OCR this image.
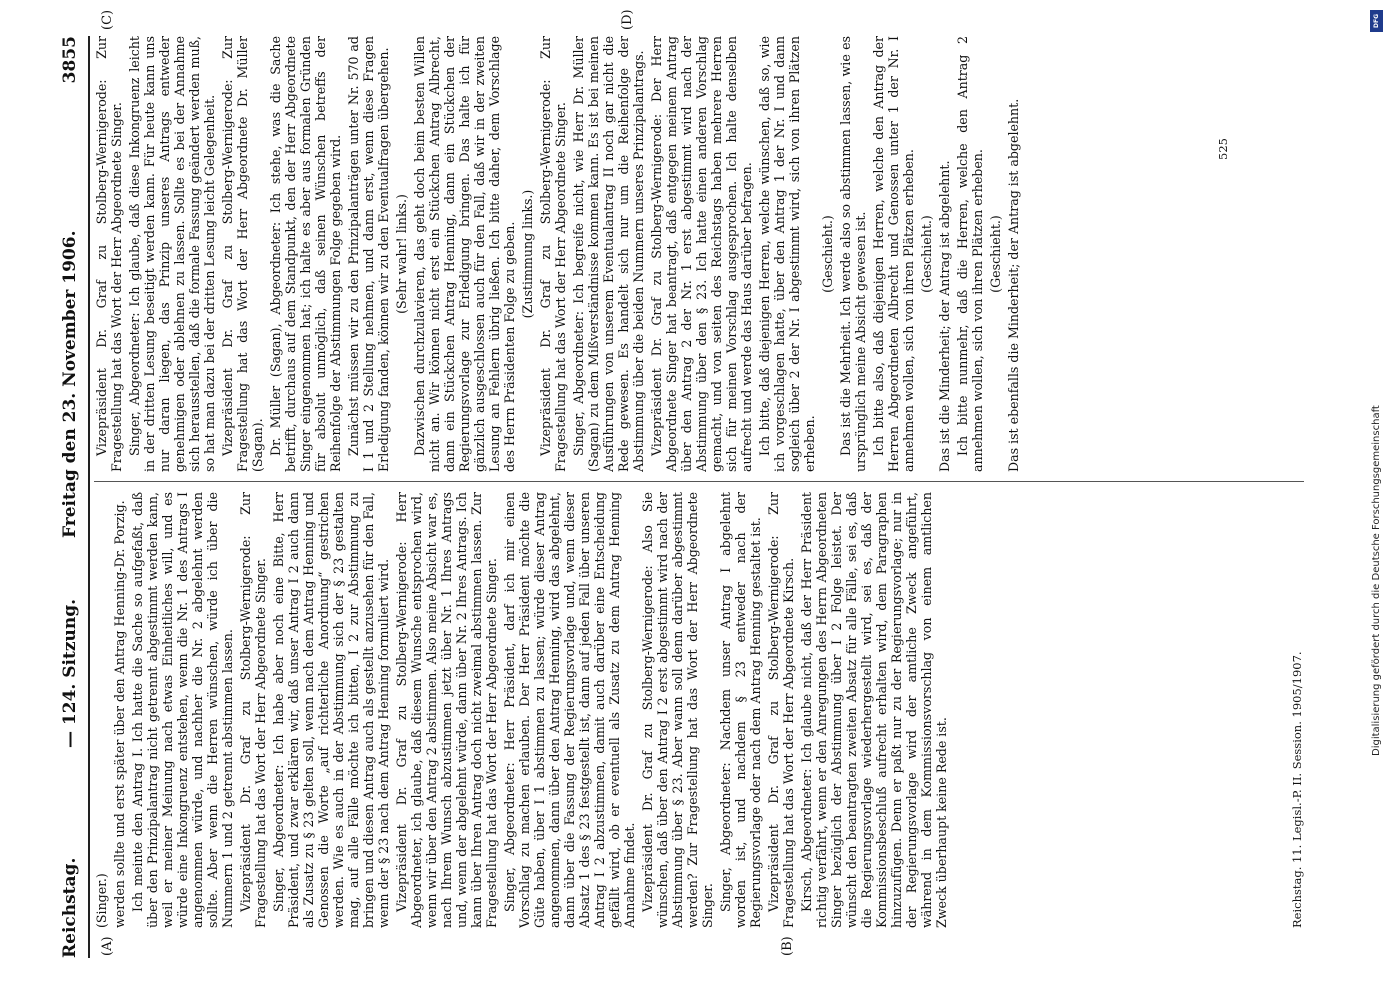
Reichstag.
— 124. Sitzung.
Freitag den 23. November 1906.
3855
(A)	(B)
(C)	(D)

(Singer.) werden sollte und erst später über den Antrag Henning-Dr. Porzig. Ich meinte den Antrag I. Ich hatte die Sache so aufgefaßt, daß über den Prinzipalantrag nicht getrennt abgestimmt werden kann, weil er meiner Meinung nach etwas Einheitliches will, und es würde eine Inkongruenz entstehen, wenn die Nr. 1 des Antrags I angenommen würde, und nachher die Nr. 2 abgelehnt werden sollte. Aber wenn die Herren wünschen, würde ich über die Nummern 1 und 2 getrennt abstimmen lassen. Vizepräsident Dr. Graf zu Stolberg-Wernigerode: Zur Fragestellung hat das Wort der Herr Abgeordnete Singer. Singer, Abgeordneter: Ich habe aber noch eine Bitte, Herr Präsident, und zwar erklären wir, daß unser Antrag I 2 auch dann als Zusatz zu § 23 gelten soll, wenn nach dem Antrag Henning und Genossen die Worte „auf richterliche Anordnung“ gestrichen werden. Wie es auch in der Abstimmung sich der § 23 gestalten mag, auf alle Fälle möchte ich bitten, I 2 zur Abstimmung zu bringen und diesen Antrag auch als gestellt anzusehen für den Fall, wenn der § 23 nach dem Antrag Henning formuliert wird. Vizepräsident Dr. Graf zu Stolberg-Wernigerode: Herr Abgeordneter, ich glaube, daß diesem Wunsche entsprochen wird, wenn wir über den Antrag 2 abstimmen. Also meine Absicht war es, nach Ihrem Wunsch abzustimmen jetzt über Nr. 1 Ihres Antrags und, wenn der abgelehnt würde, dann über Nr. 2 Ihres Antrags. Ich kann über Ihren Antrag doch nicht zweimal abstimmen lassen. Zur Fragestellung hat das Wort der Herr Abgeordnete Singer. Singer, Abgeordneter: Herr Präsident, darf ich mir einen Vorschlag zu machen erlauben. Der Herr Präsident möchte die Güte haben, über I 1 abstimmen zu lassen; würde dieser Antrag angenommen, dann über den Antrag Henning, wird das abgelehnt, dann über die Fassung der Regierungsvorlage und, wenn dieser Absatz 1 des § 23 festgestellt ist, dann auf jeden Fall über unseren Antrag I 2 abzustimmen, damit auch darüber eine Entscheidung gefällt wird, ob er eventuell als Zusatz zu dem Antrag Henning Annahme findet. Vizepräsident Dr. Graf zu Stolberg-Wernigerode: Also Sie wünschen, daß über den Antrag I 2 erst abgestimmt wird nach der Abstimmung über § 23. Aber wann soll denn darüber abgestimmt werden? Zur Fragestellung hat das Wort der Herr Abgeordnete Singer. Singer, Abgeordneter: Nachdem unser Antrag I abgelehnt worden ist, und nachdem § 23 entweder nach der Regierungsvorlage oder nach dem Antrag Henning gestaltet ist. Vizepräsident Dr. Graf zu Stolberg-Wernigerode: Zur Fragestellung hat das Wort der Herr Abgeordnete Kirsch. Kirsch, Abgeordneter: Ich glaube nicht, daß der Herr Präsident richtig verfährt, wenn er den Anregungen des Herrn Abgeordneten Singer bezüglich der Abstimmung über I 2 Folge leistet. Der wünscht den beantragten zweiten Absatz für alle Fälle, sei es, daß die Regierungsvorlage wiederhergestellt wird, sei es, daß der Kommissionsbeschluß aufrecht erhalten wird, dem Paragraphen hinzuzufügen. Denn er paßt nur zu der Regierungsvorlage; nur in der Regierungsvorlage wird der amtliche Zweck angeführt, während in dem Kommissionsvorschlag von einem amtlichen Zweck überhaupt keine Rede ist.

Vizepräsident Dr. Graf zu Stolberg-Wernigerode: Zur Fragestellung hat das Wort der Herr Abgeordnete Singer. Singer, Abgeordneter: Ich glaube, daß diese Inkongruenz leicht in der dritten Lesung beseitigt werden kann. Für heute kann uns nur daran liegen, das Prinzip unseres Antrags entweder genehmigen oder ablehnen zu lassen. Sollte es bei der Annahme sich herausstellen, daß die formale Fassung geändert werden muß, so hat man dazu bei der dritten Lesung leicht Gelegenheit. Vizepräsident Dr. Graf zu Stolberg-Wernigerode: Zur Fragestellung hat das Wort der Herr Abgeordnete Dr. Müller (Sagan). Dr. Müller (Sagan), Abgeordneter: Ich stehe, was die Sache betrifft, durchaus auf dem Standpunkt, den der Herr Abgeordnete Singer eingenommen hat; ich halte es aber aus formalen Gründen für absolut unmöglich, daß seinen Wünschen betreffs der Reihenfolge der Abstimmungen Folge gegeben wird. Zunächst müssen wir zu den Prinzipalanträgen unter Nr. 570 ad I 1 und 2 Stellung nehmen, und dann erst, wenn diese Fragen Erledigung fanden, können wir zu den Eventualfragen übergehen. (Sehr wahr! links.) Dazwischen durchzulavieren, das geht doch beim besten Willen nicht an. Wir können nicht erst ein Stückchen Antrag Albrecht, dann ein Stückchen Antrag Henning, dann ein Stückchen der Regierungsvorlage zur Erledigung bringen. Das halte ich für gänzlich ausgeschlossen auch für den Fall, daß wir in der zweiten Lesung an Fehlern übrig ließen. Ich bitte daher, dem Vorschlage des Herrn Präsidenten Folge zu geben. (Zustimmung links.) Vizepräsident Dr. Graf zu Stolberg-Wernigerode: Zur Fragestellung hat das Wort der Herr Abgeordnete Singer. Singer, Abgeordneter: Ich begreife nicht, wie Herr Dr. Müller (Sagan) zu dem Mißverständnisse kommen kann. Es ist bei meinen Ausführungen von unserem Eventualantrag II noch gar nicht die Rede gewesen. Es handelt sich nur um die Reihenfolge der Abstimmung über die beiden Nummern unseres Prinzipalantrags. Vizepräsident Dr. Graf zu Stolberg-Wernigerode: Der Herr Abgeordnete Singer hat beantragt, daß entgegen meinem Antrag über den Antrag 2 der Nr. 1 erst abgestimmt wird nach der Abstimmung über den § 23. Ich hatte einen anderen Vorschlag gemacht, und von seiten des Reichstags haben mehrere Herren sich für meinen Vorschlag ausgesprochen. Ich halte denselben aufrecht und werde das Haus darüber befragen. Ich bitte, daß diejenigen Herren, welche wünschen, daß so, wie ich vorgeschlagen hatte, über den Antrag 1 der Nr. I und dann sogleich über 2 der Nr. I abgestimmt wird, sich von ihren Plätzen erheben.

(Geschieht.) Das ist die Mehrheit. Ich werde also so abstimmen lassen, wie es ursprünglich meine Absicht gewesen ist. Ich bitte also, daß diejenigen Herren, welche den Antrag der Herren Abgeordneten Albrecht und Genossen unter 1 der Nr. I annehmen wollen, sich von ihren Plätzen erheben. (Geschieht.) Das ist die Minderheit; der Antrag ist abgelehnt. Ich bitte nunmehr, daß die Herren, welche den Antrag 2 annehmen wollen, sich von ihren Plätzen erheben. (Geschieht.) Das ist ebenfalls die Minderheit; der Antrag ist abgelehnt.

Reichstag. 11. Legisl.-P. II. Session. 1905/1907.
525
DFG
Digitalisierung gefördert durch die Deutsche Forschungsgemeinschaft
